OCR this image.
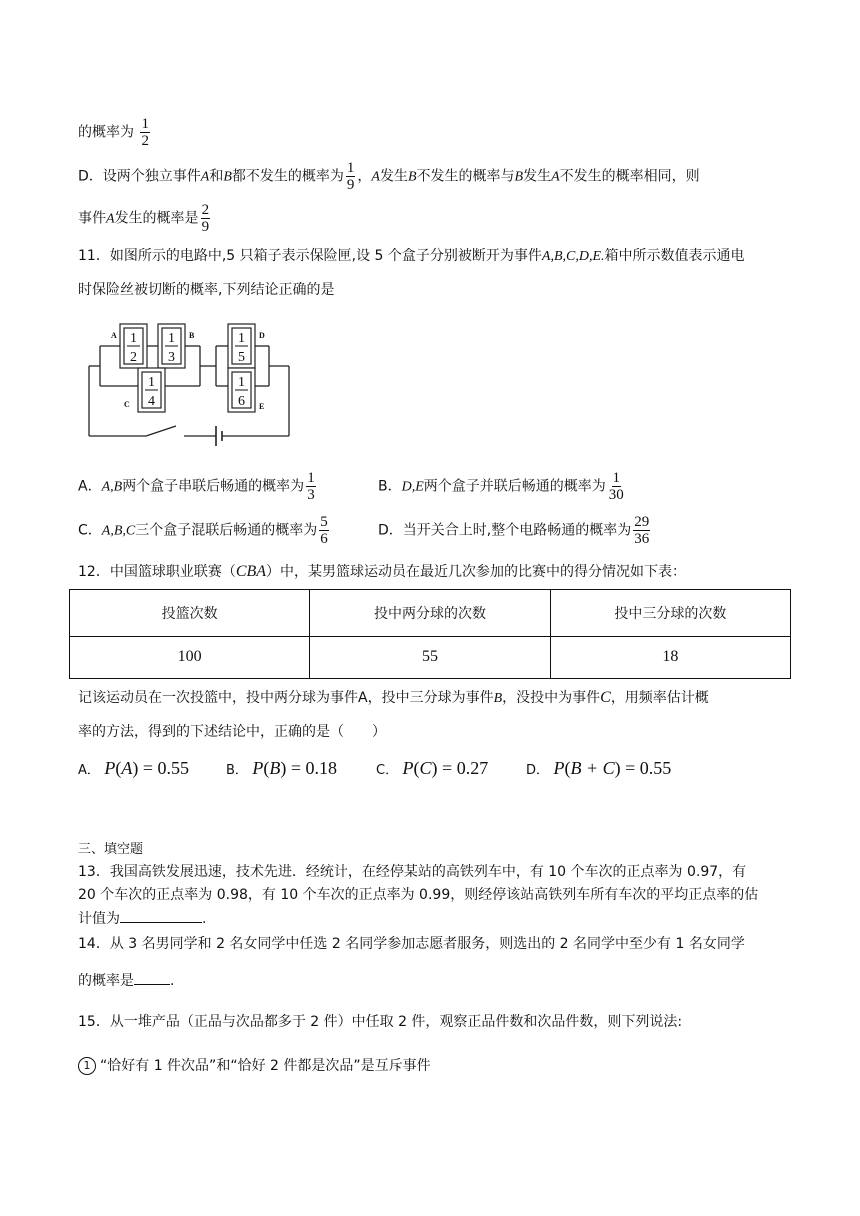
的概率为 $\frac{1}{2}$
D．设两个独立事件A和B都不发生的概率为 $\frac{1}{9}$ ，A发生B不发生的概率与B发生A不发生的概率相同，则
事件A发生的概率是 $\frac{2}{9}$
11．如图所示的电路中,5 只箱子表示保险匣,设 5 个盒子分别被断开为事件A,B,C,D,E.箱中所示数值表示通电
时保险丝被切断的概率,下列结论正确的是
1
2
1
3
1
4
1
5
1
6
A	B
C
D
E
A．A,B两个盒子串联后畅通的概率为 $\frac{1}{3}$	B．D,E两个盒子并联后畅通的概率为 $\frac{1}{30}$
C．A,B,C三个盒子混联后畅通的概率为 $\frac{5}{6}$	D．当开关合上时,整个电路畅通的概率为 $\frac{29}{36}$
12．中国篮球职业联赛（CBA）中，某男篮球运动员在最近几次参加的比赛中的得分情况如下表：
投篮次数	投中两分球的次数	投中三分球的次数
100	55	18
记该运动员在一次投篮中，投中两分球为事件A，投中三分球为事件B，没投中为事件C，用频率估计概
率的方法，得到的下述结论中，正确的是（　　）
A． P(A) = 0.55	B． P(B) = 0.18	C． P(C) = 0.27	D． P(B + C) = 0.55
三、填空题
13．我国高铁发展迅速，技术先进．经统计，在经停某站的高铁列车中，有 10 个车次的正点率为 0.97，有
20 个车次的正点率为 0.98，有 10 个车次的正点率为 0.99，则经停该站高铁列车所有车次的平均正点率的估
计值为	.
14．从 3 名男同学和 2 名女同学中任选 2 名同学参加志愿者服务，则选出的 2 名同学中至少有 1 名女同学
的概率是	.
15．从一堆产品（正品与次品都多于 2 件）中任取 2 件，观察正品件数和次品件数，则下列说法:
1 “恰好有 1 件次品”和“恰好 2 件都是次品”是互斥事件
